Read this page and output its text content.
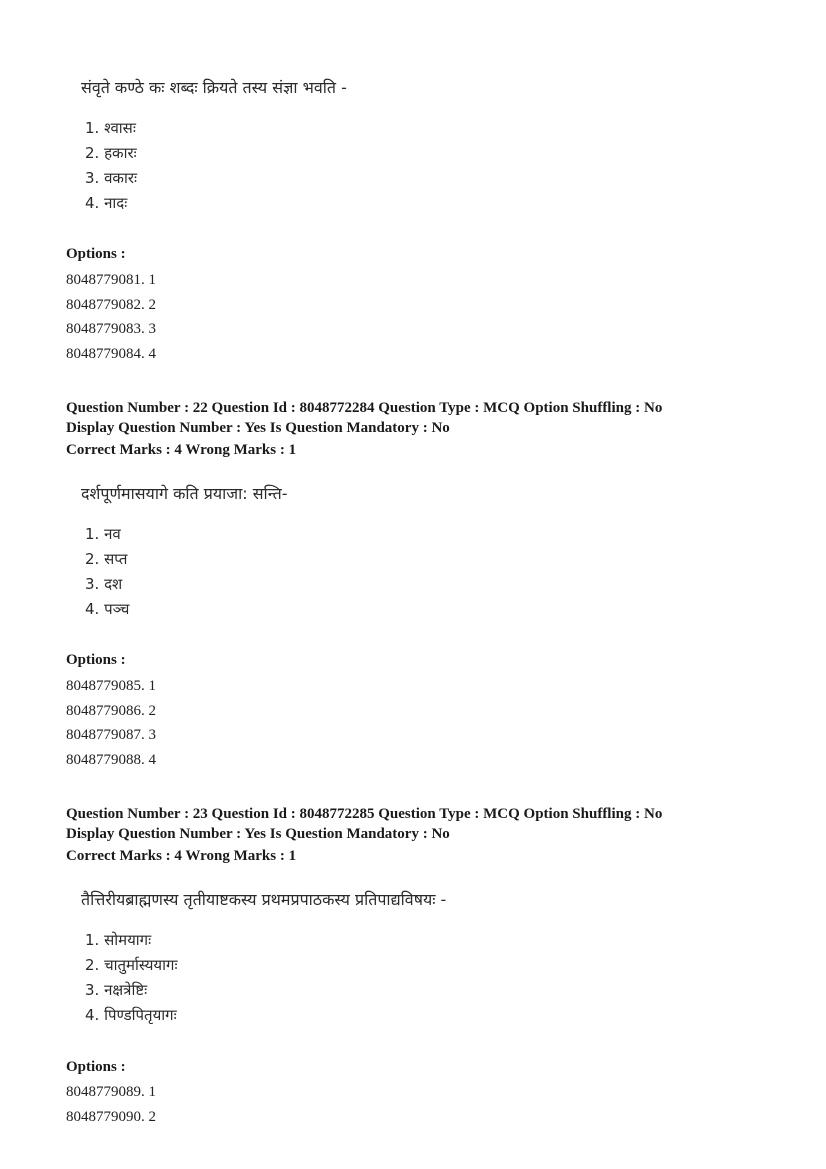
संवृते कण्ठे कः शब्दः क्रियते तस्य संज्ञा भवति -
1. श्वासः
2. हकारः
3. वकारः
4. नादः
Options :
8048779081. 1
8048779082. 2
8048779083. 3
8048779084. 4
Question Number : 22 Question Id : 8048772284 Question Type : MCQ Option Shuffling : No
Display Question Number : Yes Is Question Mandatory : No
Correct Marks : 4 Wrong Marks : 1
दर्शपूर्णमासयागे कति प्रयाजा: सन्ति-
1. नव
2. सप्त
3. दश
4. पञ्च
Options :
8048779085. 1
8048779086. 2
8048779087. 3
8048779088. 4
Question Number : 23 Question Id : 8048772285 Question Type : MCQ Option Shuffling : No
Display Question Number : Yes Is Question Mandatory : No
Correct Marks : 4 Wrong Marks : 1
तैत्तिरीयब्राह्मणस्य तृतीयाष्टकस्य प्रथमप्रपाठकस्य प्रतिपाद्यविषयः -
1. सोमयागः
2. चातुर्मास्ययागः
3. नक्षत्रेष्टिः
4. पिण्डपितृयागः
Options :
8048779089. 1
8048779090. 2
